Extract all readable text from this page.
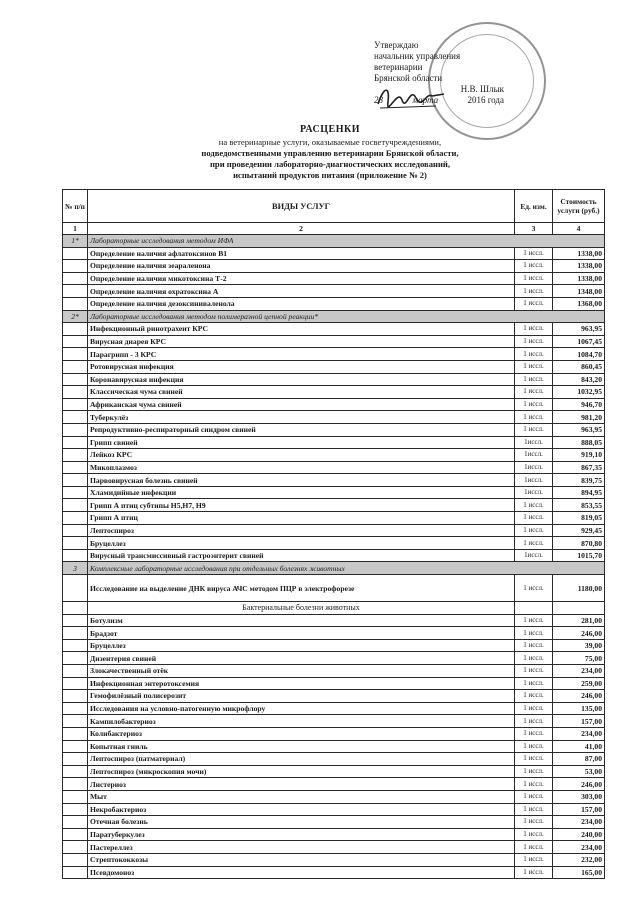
Утверждаю
начальник управления
ветеринарии
Брянской области
Н.В. Шлык
28	марта	2016 года
РАСЦЕНКИ
на ветеринарные услуги, оказываемые госветучреждениями,
подведомственными управлению ветеринарии Брянской области,
при проведении лабораторно-диагностических исследований,
испытаний продуктов питания (приложение № 2)
№ п/п	ВИДЫ УСЛУГ	Ед. изм.	Стоимость услуги (руб.)
1	2	3	4
1*	Лабораторные исследования методом ИФА		
	Определение наличия афлатоксинов В1	1 иссл.	1338,00
	Определение наличия зеараленона	1 иссл.	1338,00
	Определение наличия микотоксина Т-2	1 иссл.	1338,00
	Определение наличия охратоксина А	1 иссл.	1348,00
	Определение наличия дезоксиниваленола	1 иссл.	1368,00
2*	Лабораторные исследования методом полимеразной цепной реакции*		
	Инфекционный ринотрахеит КРС	1 иссл.	963,95
	Вирусная диарея КРС	1 иссл.	1067,45
	Парагрипп - 3 КРС	1 иссл.	1084,70
	Ротовирусная инфекция	1 иссл.	860,45
	Коронавирусная инфекция	1 иссл.	843,20
	Классическая чума свиней	1 иссл.	1032,95
	Африканская чума свиней	1 иссл.	946,70
	Туберкулёз	1 иссл.	981,20
	Репродуктивно-респираторный синдром свиней	1 иссл.	963,95
	Грипп свиней	1иссл.	888,05
	Лейкоз КРС	1иссл.	919,10
	Микоплазмоз	1иссл.	867,35
	Парвовирусная болезнь свиней	1иссл.	839,75
	Хламидийные инфекции	1иссл.	894,95
	Грипп А птиц субтипы Н5,Н7, Н9	1 иссл.	853,55
	Грипп А птиц	1 иссл.	819,05
	Лептоспироз	1 иссл.	929,45
	Бруцеллез	1 иссл.	870,80
	Вирусный трансмиссивный гастроэнтерит свиней	1иссл.	1015,70
3	Комплексные лабораторные исследования при отдельных болезнях животных		
	Исследование на выделение ДНК вируса АЧС методом ПЦР в электрофорезе	1 иссл.	1180,00
	Бактериальные болезни животных		
	Ботулизм	1 иссл.	281,00
	Брадзот	1 иссл.	246,00
	Бруцеллез	1 иссл.	39,00
	Дизентерия свиней	1 иссл.	75,00
	Злокачественный отёк	1 иссл.	234,00
	Инфекционная энтеротоксемия	1 иссл.	259,00
	Гемофилёзный полисерозит	1 иссл.	246,00
	Исследования на условно-патогенную микрофлору	1 иссл.	135,00
	Кампилобактериоз	1 иссл.	157,00
	Колибактериоз	1 иссл.	234,00
	Копытная гниль	1 иссл.	41,00
	Лептоспироз (патматериал)	1 иссл.	87,00
	Лептоспироз (микроскопия мочи)	1 иссл.	53,00
	Листериоз	1 иссл.	246,00
	Мыт	1 иссл.	303,00
	Некробактериоз	1 иссл.	157,00
	Отечная болезнь	1 иссл.	234,00
	Паратуберкулез	1 иссл.	240,00
	Пастереллез	1 иссл.	234,00
	Стрептококкозы	1 иссл.	232,00
	Псевдомоноз	1 иссл.	165,00
